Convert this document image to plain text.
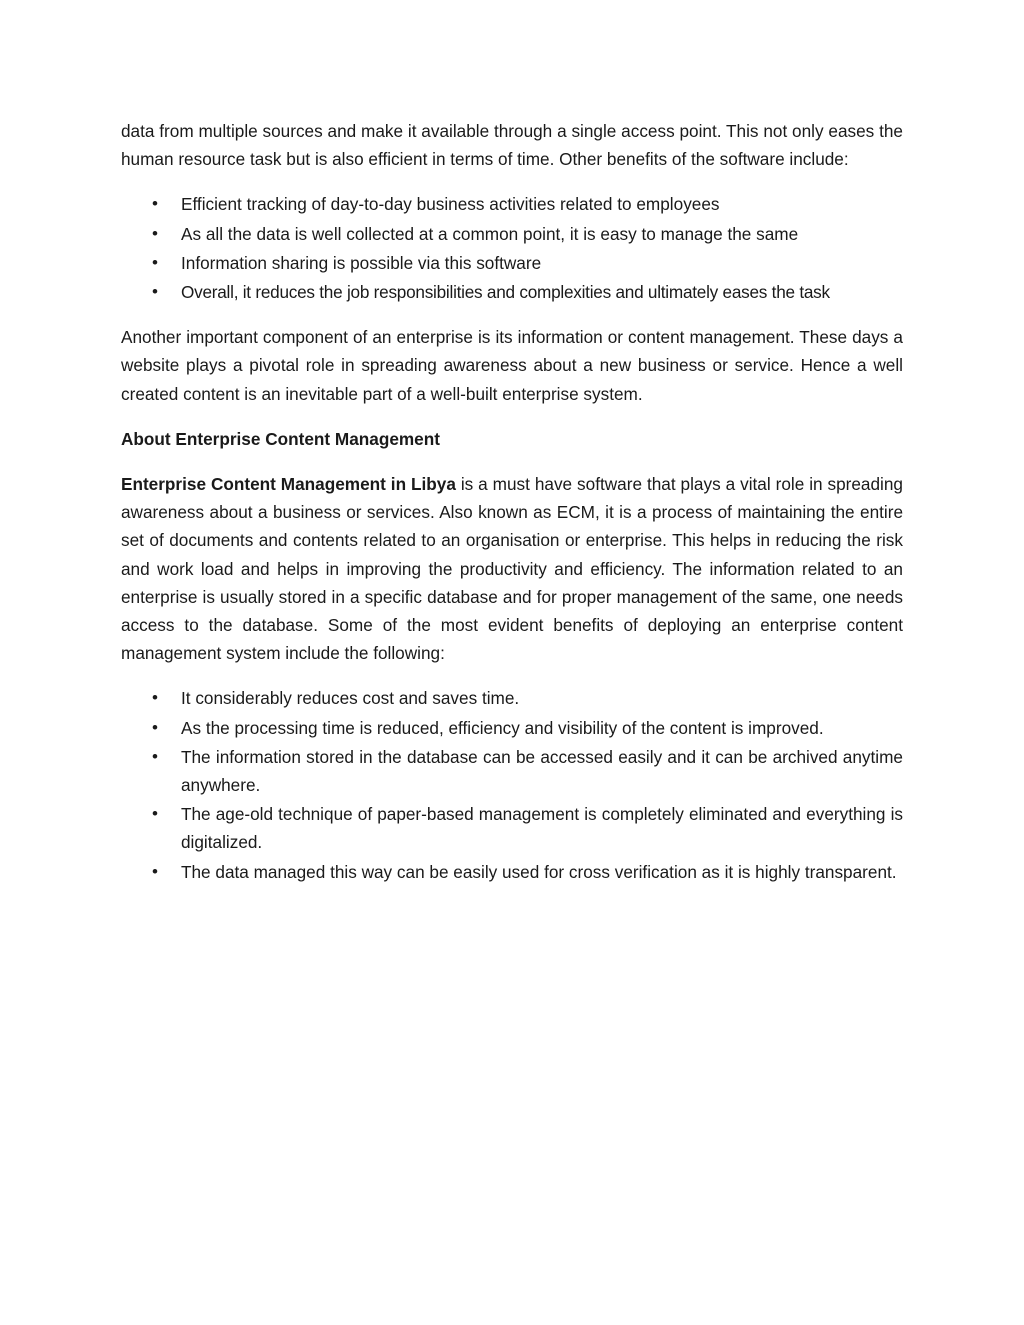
data from multiple sources and make it available through a single access point. This not only eases the human resource task but is also efficient in terms of time. Other benefits of the software include:

• Efficient tracking of day-to-day business activities related to employees
• As all the data is well collected at a common point, it is easy to manage the same
• Information sharing is possible via this software
• Overall, it reduces the job responsibilities and complexities and ultimately eases the task

Another important component of an enterprise is its information or content management. These days a website plays a pivotal role in spreading awareness about a new business or service. Hence a well created content is an inevitable part of a well-built enterprise system.

About Enterprise Content Management

Enterprise Content Management in Libya is a must have software that plays a vital role in spreading awareness about a business or services. Also known as ECM, it is a process of maintaining the entire set of documents and contents related to an organisation or enterprise. This helps in reducing the risk and work load and helps in improving the productivity and efficiency. The information related to an enterprise is usually stored in a specific database and for proper management of the same, one needs access to the database. Some of the most evident benefits of deploying an enterprise content management system include the following:

• It considerably reduces cost and saves time.
• As the processing time is reduced, efficiency and visibility of the content is improved.
• The information stored in the database can be accessed easily and it can be archived anytime anywhere.
• The age-old technique of paper-based management is completely eliminated and everything is digitalized.
• The data managed this way can be easily used for cross verification as it is highly transparent.
